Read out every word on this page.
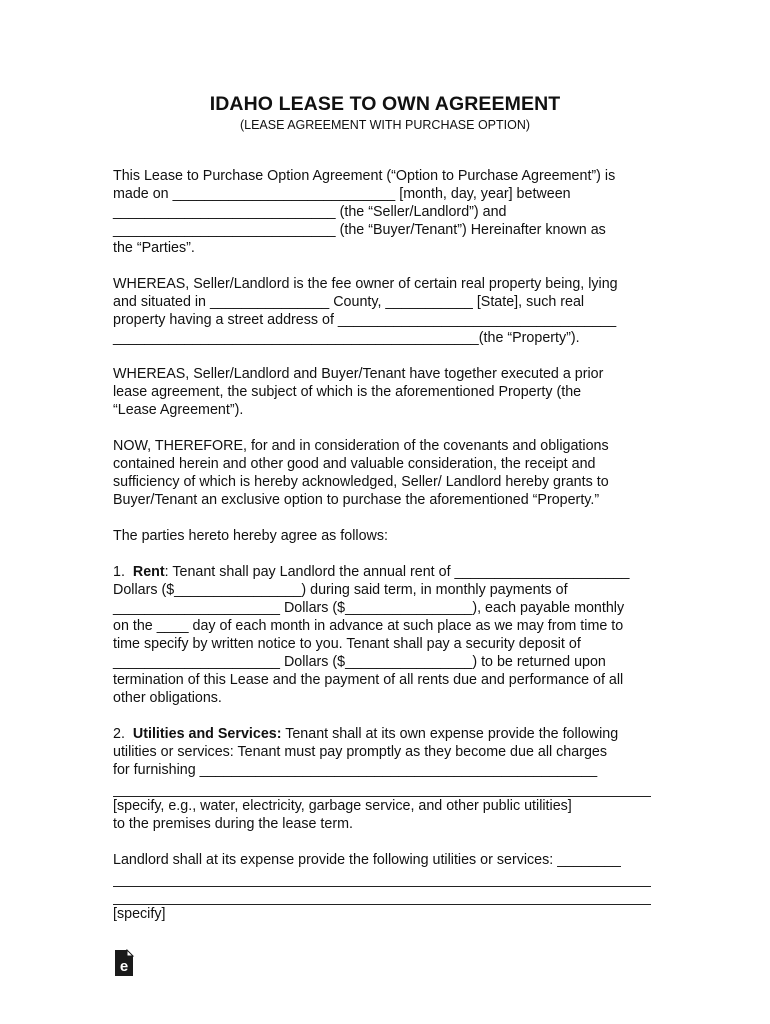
IDAHO LEASE TO OWN AGREEMENT
(LEASE AGREEMENT WITH PURCHASE OPTION)

This Lease to Purchase Option Agreement (“Option to Purchase Agreement”) is
made on ____________________________ [month, day, year] between
____________________________ (the “Seller/Landlord”) and
____________________________ (the “Buyer/Tenant”) Hereinafter known as
the “Parties”.

WHEREAS, Seller/Landlord is the fee owner of certain real property being, lying
and situated in _______________ County, ___________ [State], such real
property having a street address of ___________________________________
______________________________________________(the “Property”).

WHEREAS, Seller/Landlord and Buyer/Tenant have together executed a prior
lease agreement, the subject of which is the aforementioned Property (the
“Lease Agreement”).

NOW, THEREFORE, for and in consideration of the covenants and obligations
contained herein and other good and valuable consideration, the receipt and
sufficiency of which is hereby acknowledged, Seller/ Landlord hereby grants to
Buyer/Tenant an exclusive option to purchase the aforementioned “Property.”

The parties hereto hereby agree as follows:

1. Rent: Tenant shall pay Landlord the annual rent of ______________________
Dollars ($________________) during said term, in monthly payments of
_____________________ Dollars ($________________), each payable monthly
on the ____ day of each month in advance at such place as we may from time to
time specify by written notice to you. Tenant shall pay a security deposit of
_____________________ Dollars ($________________) to be returned upon
termination of this Lease and the payment of all rents due and performance of all
other obligations.

2. Utilities and Services: Tenant shall at its own expense provide the following
utilities or services: Tenant must pay promptly as they become due all charges
for furnishing __________________________________________________
[specify, e.g., water, electricity, garbage service, and other public utilities]
to the premises during the lease term.

Landlord shall at its expense provide the following utilities or services: ________
[specify]

e
